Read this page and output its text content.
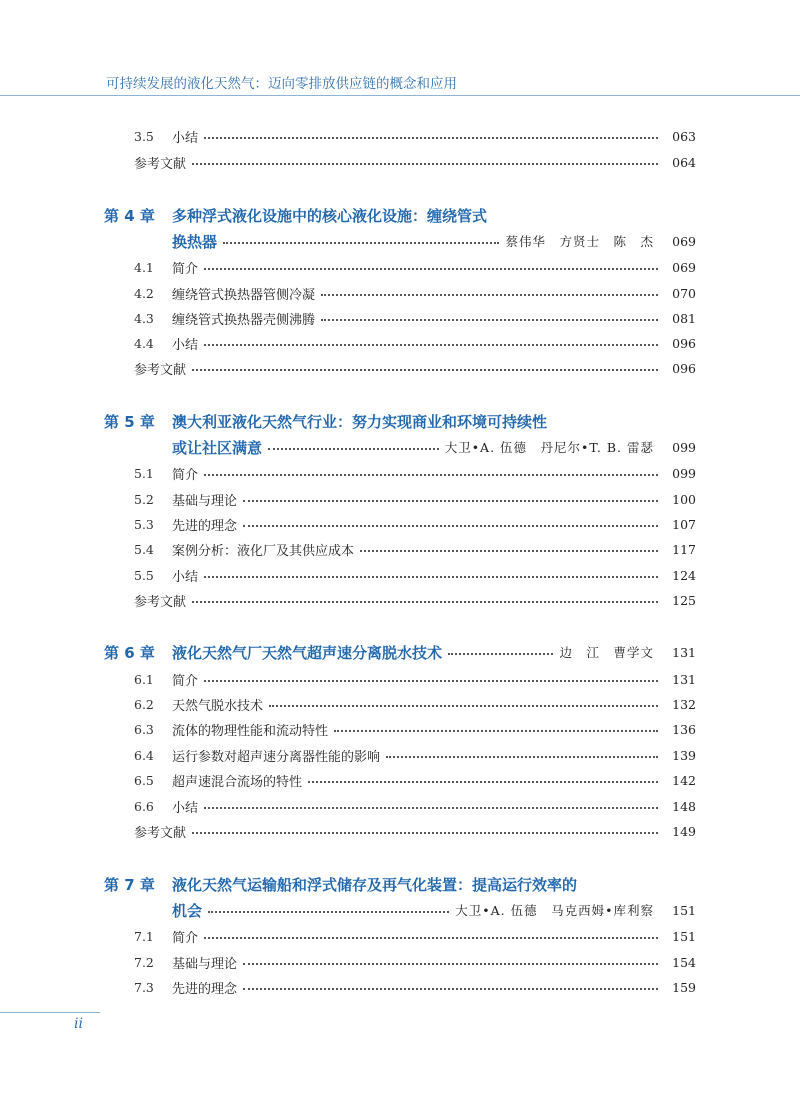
可持续发展的液化天然气：迈向零排放供应链的概念和应用
3.5	小结	063
参考文献	064
第 4 章	多种浮式液化设施中的核心液化设施：缠绕管式
换热器	蔡伟华　方贤士　陈　杰	069
4.1	简介	069
4.2	缠绕管式换热器管侧冷凝	070
4.3	缠绕管式换热器壳侧沸腾	081
4.4	小结	096
参考文献	096
第 5 章	澳大利亚液化天然气行业：努力实现商业和环境可持续性
或让社区满意	大卫•A. 伍德　丹尼尔•T. B. 雷瑟	099
5.1	简介	099
5.2	基础与理论	100
5.3	先进的理念	107
5.4	案例分析：液化厂及其供应成本	117
5.5	小结	124
参考文献	125
第 6 章	液化天然气厂天然气超声速分离脱水技术	边　江　曹学文	131
6.1	简介	131
6.2	天然气脱水技术	132
6.3	流体的物理性能和流动特性	136
6.4	运行参数对超声速分离器性能的影响	139
6.5	超声速混合流场的特性	142
6.6	小结	148
参考文献	149
第 7 章	液化天然气运输船和浮式储存及再气化装置：提高运行效率的
机会	大卫•A. 伍德　马克西姆•库利察	151
7.1	简介	151
7.2	基础与理论	154
7.3	先进的理念	159
ii
